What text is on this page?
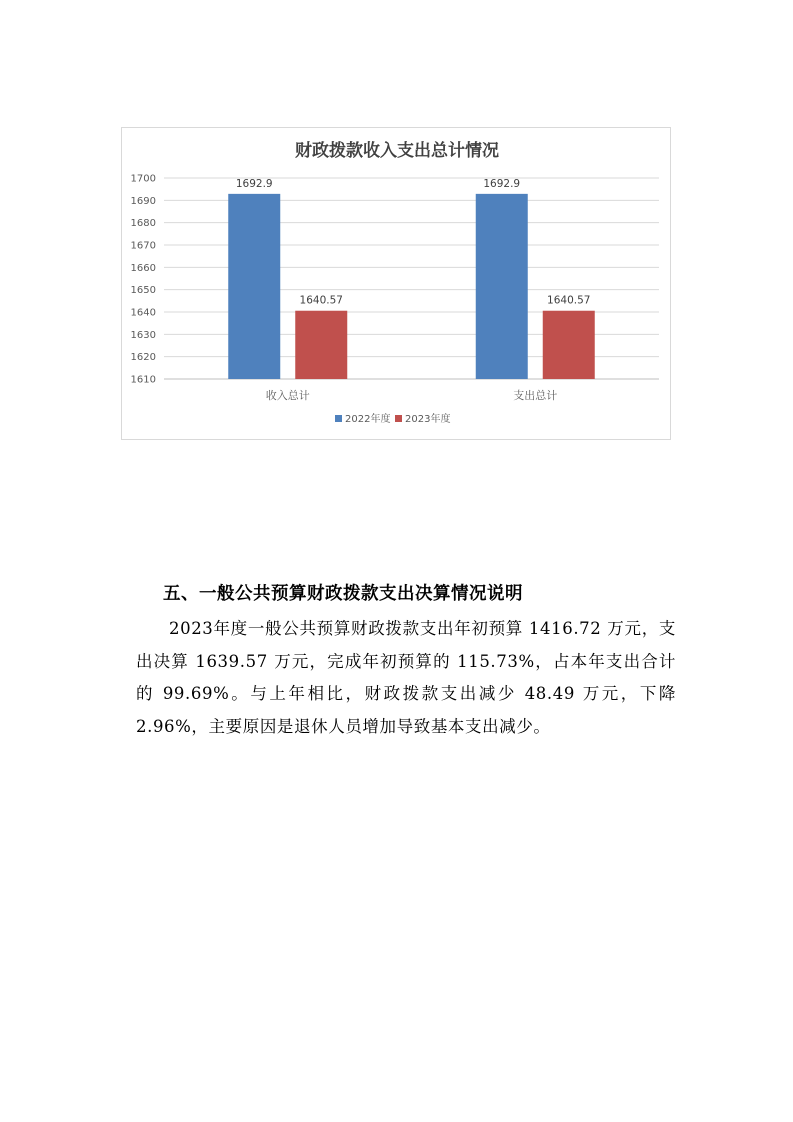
财政拨款收入支出总计情况
1700
1690
1680
1670
1660
1650
1640
1630
1620
1610
1692.9
1640.57
1692.9
1640.57
收入总计	支出总计
2022年度 2023年度
五、一般公共预算财政拨款支出决算情况说明

2023年度一般公共预算财政拨款支出年初预算 1416.72 万元，支出决算 1639.57 万元，完成年初预算的 115.73%，占本年支出合计的 99.69%。与上年相比，财政拨款支出减少 48.49 万元，下降 2.96%，主要原因是退休人员增加导致基本支出减少。
